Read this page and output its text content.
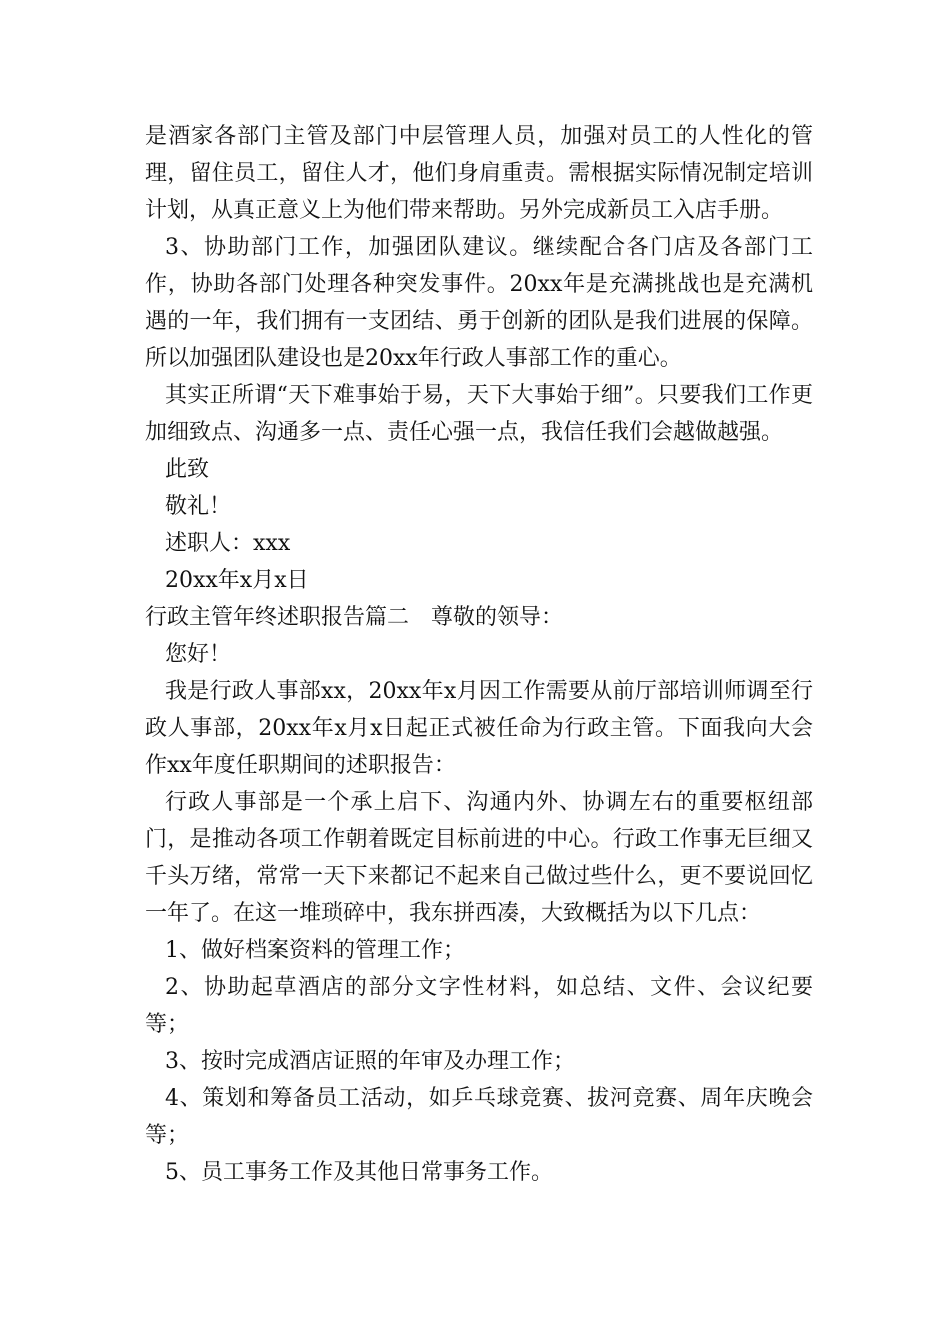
是酒家各部门主管及部门中层管理人员，加强对员工的人性化的管理，留住员工，留住人才，他们身肩重责。需根据实际情况制定培训计划，从真正意义上为他们带来帮助。另外完成新员工入店手册。

3、协助部门工作，加强团队建议。继续配合各门店及各部门工作，协助各部门处理各种突发事件。20xx年是充满挑战也是充满机遇的一年，我们拥有一支团结、勇于创新的团队是我们进展的保障。所以加强团队建设也是20xx年行政人事部工作的重心。

其实正所谓“天下难事始于易，天下大事始于细”。只要我们工作更加细致点、沟通多一点、责任心强一点，我信任我们会越做越强。

此致

敬礼！

述职人：xxx

20xx年x月x日

行政主管年终述职报告篇二　尊敬的领导：

您好！

我是行政人事部xx，20xx年x月因工作需要从前厅部培训师调至行政人事部，20xx年x月x日起正式被任命为行政主管。下面我向大会作xx年度任职期间的述职报告：

行政人事部是一个承上启下、沟通内外、协调左右的重要枢纽部门，是推动各项工作朝着既定目标前进的中心。行政工作事无巨细又千头万绪，常常一天下来都记不起来自己做过些什么，更不要说回忆一年了。在这一堆琐碎中，我东拼西凑，大致概括为以下几点：

1、做好档案资料的管理工作；

2、协助起草酒店的部分文字性材料，如总结、文件、会议纪要等；

3、按时完成酒店证照的年审及办理工作；

4、策划和筹备员工活动，如乒乓球竞赛、拔河竞赛、周年庆晚会等；

5、员工事务工作及其他日常事务工作。
